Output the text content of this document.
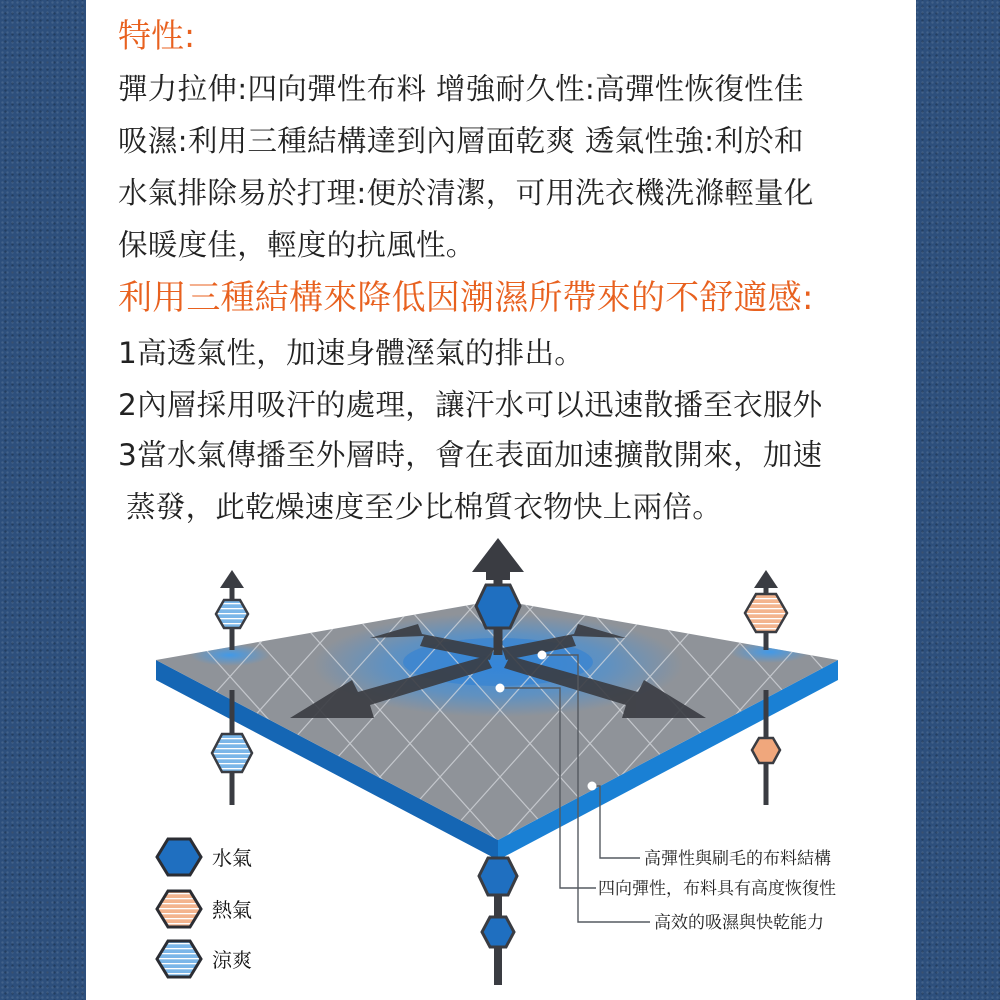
特性:
彈力拉伸:四向彈性布料 增強耐久性:高彈性恢復性佳
吸濕:利用三種結構達到內層面乾爽 透氣性強:利於和
水氣排除易於打理:便於清潔，可用洗衣機洗滌輕量化
保暖度佳，輕度的抗風性。
利用三種結構來降低因潮濕所帶來的不舒適感:
1高透氣性，加速身體溼氣的排出。
2內層採用吸汗的處理，讓汗水可以迅速散播至衣服外
3當水氣傳播至外層時，會在表面加速擴散開來，加速
蒸發，此乾燥速度至少比棉質衣物快上兩倍。
水氣
熱氣
涼爽
高彈性與刷毛的布料結構
四向彈性，布料具有高度恢復性
高效的吸濕與快乾能力
